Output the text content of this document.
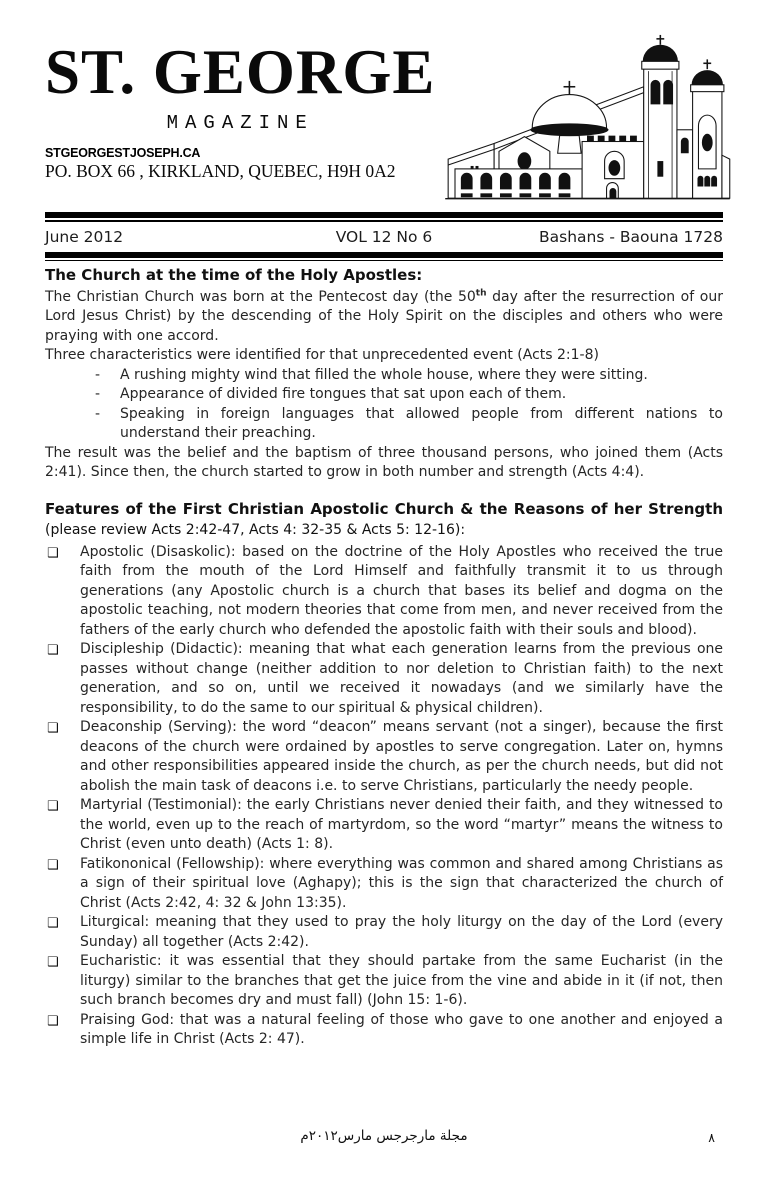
ST. GEORGE
MAGAZINE
STGEORGESTJOSEPH.CA
PO. BOX 66 , KIRKLAND, QUEBEC, H9H 0A2
June 2012	VOL 12 No 6	Bashans - Baouna 1728
The Church at the time of the Holy Apostles:

The Christian Church was born at the Pentecost day (the 50th day after the resurrection of our Lord Jesus Christ) by the descending of the Holy Spirit on the disciples and others who were praying with one accord.

Three characteristics were identified for that unprecedented event (Acts 2:1-8)

-	A rushing mighty wind that filled the whole house, where they were sitting.
-	Appearance of divided fire tongues that sat upon each of them.
-	Speaking in foreign languages that allowed people from different nations to understand their preaching.

The result was the belief and the baptism of three thousand persons, who joined them (Acts 2:41). Since then, the church started to grow in both number and strength (Acts 4:4).

Features of the First Christian Apostolic Church & the Reasons of her Strength (please review Acts 2:42-47, Acts 4: 32-35 & Acts 5: 12-16):

❑	Apostolic (Disaskolic): based on the doctrine of the Holy Apostles who received the true faith from the mouth of the Lord Himself and faithfully transmit it to us through generations (any Apostolic church is a church that bases its belief and dogma on the apostolic teaching, not modern theories that come from men, and never received from the fathers of the early church who defended the apostolic faith with their souls and blood).
❑	Discipleship (Didactic): meaning that what each generation learns from the previous one passes without change (neither addition to nor deletion to Christian faith) to the next generation, and so on, until we received it nowadays (and we similarly have the responsibility, to do the same to our spiritual & physical children).
❑	Deaconship (Serving): the word “deacon” means servant (not a singer), because the first deacons of the church were ordained by apostles to serve congregation. Later on, hymns and other responsibilities appeared inside the church, as per the church needs, but did not abolish the main task of deacons i.e. to serve Christians, particularly the needy people.
❑	Martyrial (Testimonial): the early Christians never denied their faith, and they witnessed to the world, even up to the reach of martyrdom, so the word “martyr” means the witness to Christ (even unto death) (Acts 1: 8).
❑	Fatikononical (Fellowship): where everything was common and shared among Christians as a sign of their spiritual love (Aghapy); this is the sign that characterized the church of Christ (Acts 2:42, 4: 32 & John 13:35).
❑	Liturgical: meaning that they used to pray the holy liturgy on the day of the Lord (every Sunday) all together (Acts 2:42).
❑	Eucharistic: it was essential that they should partake from the same Eucharist (in the liturgy) similar to the branches that get the juice from the vine and abide in it (if not, then such branch becomes dry and must fall) (John 15: 1-6).
❑	Praising God: that was a natural feeling of those who gave to one another and enjoyed a simple life in Christ (Acts 2: 47).
مجلة مارجرجس مارس٢٠١٢م	٨
